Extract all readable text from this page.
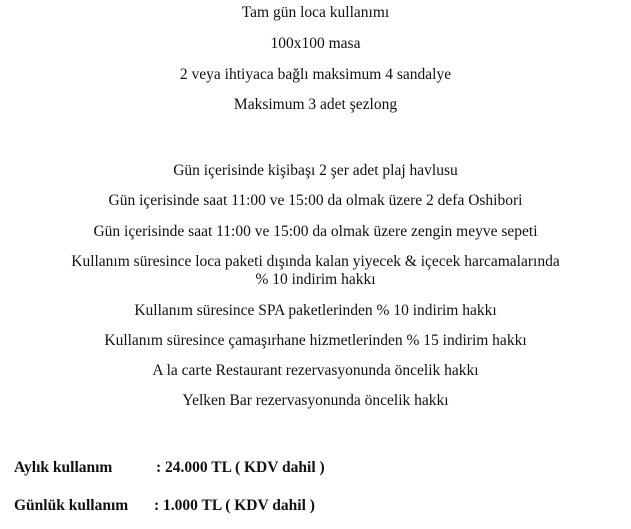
Tam gün loca kullanımı
100x100 masa
2 veya ihtiyaca bağlı maksimum 4 sandalye
Maksimum 3 adet şezlong
Gün içerisinde kişibaşı 2 şer adet plaj havlusu
Gün içerisinde saat 11:00 ve 15:00 da olmak üzere 2 defa Oshibori
Gün içerisinde saat 11:00 ve 15:00 da olmak üzere zengin meyve sepeti
Kullanım süresince loca paketi dışında kalan yiyecek & içecek harcamalarında
% 10 indirim hakkı
Kullanım süresince SPA paketlerinden % 10 indirim hakkı
Kullanım süresince çamaşırhane hizmetlerinden % 15 indirim hakkı
A la carte Restaurant rezervasyonunda öncelik hakkı
Yelken Bar rezervasyonunda öncelik hakkı
Aylık kullanım	: 24.000 TL ( KDV dahil )
Günlük kullanım : 1.000 TL ( KDV dahil )
